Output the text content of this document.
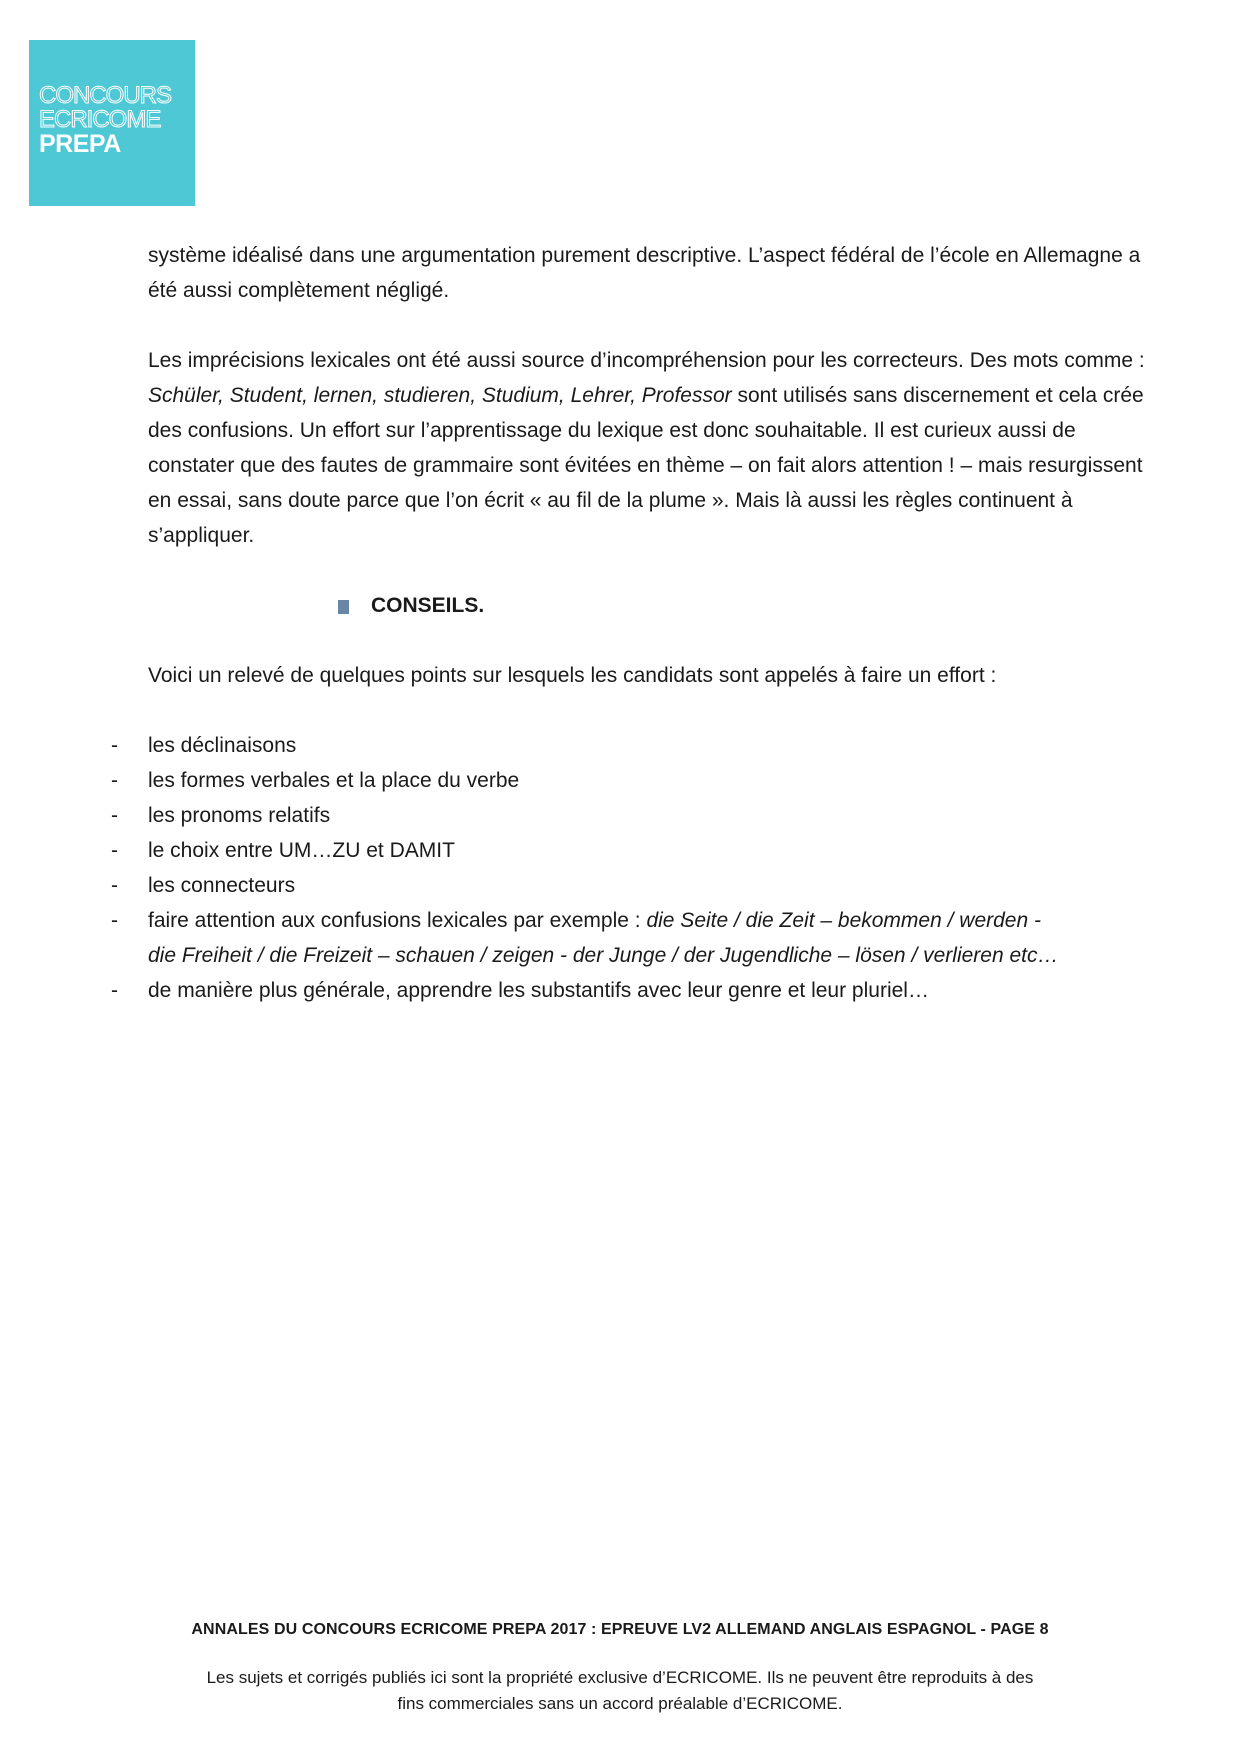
CONCOURS
ECRICOME
PREPA

système idéalisé dans une argumentation purement descriptive. L’aspect fédéral de l’école en Allemagne a été aussi complètement négligé.

Les imprécisions lexicales ont été aussi source d’incompréhension pour les correcteurs. Des mots comme : Schüler, Student, lernen, studieren, Studium, Lehrer, Professor sont utilisés sans discernement et cela crée des confusions. Un effort sur l’apprentissage du lexique est donc souhaitable. Il est curieux aussi de constater que des fautes de grammaire sont évitées en thème – on fait alors attention ! – mais resurgissent en essai, sans doute parce que l’on écrit « au fil de la plume ». Mais là aussi les règles continuent à s’appliquer.

CONSEILS.

Voici un relevé de quelques points sur lesquels les candidats sont appelés à faire un effort :

- les déclinaisons
- les formes verbales et la place du verbe
- les pronoms relatifs
- le choix entre UM…ZU et DAMIT
- les connecteurs
- faire attention aux confusions lexicales par exemple : die Seite / die Zeit – bekommen / werden -
die Freiheit / die Freizeit – schauen / zeigen - der Junge / der Jugendliche – lösen / verlieren etc…
- de manière plus générale, apprendre les substantifs avec leur genre et leur pluriel…
ANNALES DU CONCOURS ECRICOME PREPA 2017 : EPREUVE LV2 ALLEMAND ANGLAIS ESPAGNOL - PAGE 8
Les sujets et corrigés publiés ici sont la propriété exclusive d’ECRICOME. Ils ne peuvent être reproduits à des
fins commerciales sans un accord préalable d’ECRICOME.
